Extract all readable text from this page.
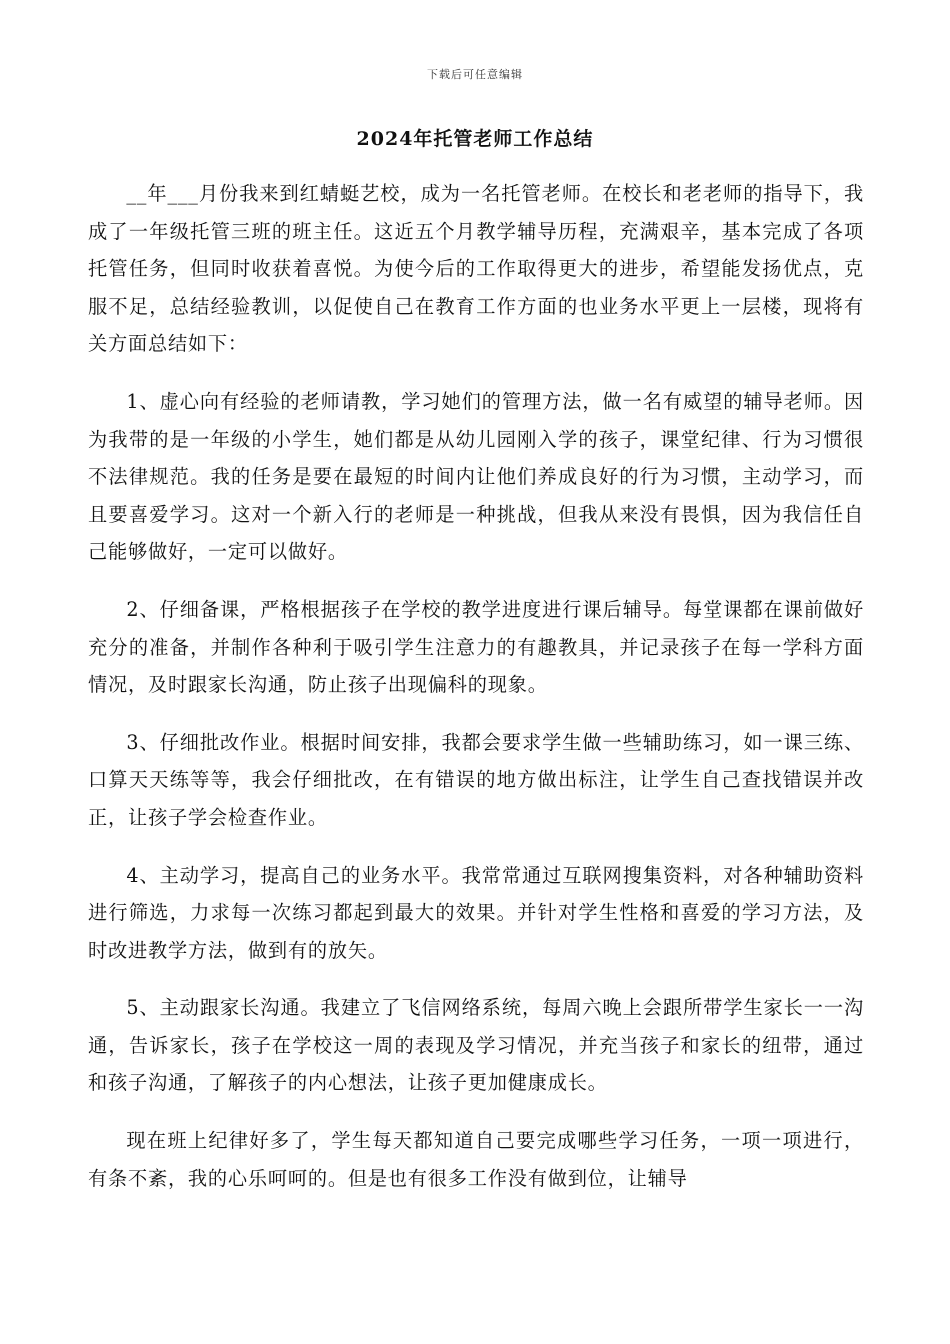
下载后可任意编辑
2024年托管老师工作总结

__年___月份我来到红蜻蜓艺校，成为一名托管老师。在校长和老老师的指导下，我成了一年级托管三班的班主任。这近五个月教学辅导历程，充满艰辛，基本完成了各项托管任务，但同时收获着喜悦。为使今后的工作取得更大的进步，希望能发扬优点，克服不足，总结经验教训，以促使自己在教育工作方面的也业务水平更上一层楼，现将有关方面总结如下：

1、虚心向有经验的老师请教，学习她们的管理方法，做一名有威望的辅导老师。因为我带的是一年级的小学生，她们都是从幼儿园刚入学的孩子，课堂纪律、行为习惯很不法律规范。我的任务是要在最短的时间内让他们养成良好的行为习惯，主动学习，而且要喜爱学习。这对一个新入行的老师是一种挑战，但我从来没有畏惧，因为我信任自己能够做好，一定可以做好。

2、仔细备课，严格根据孩子在学校的教学进度进行课后辅导。每堂课都在课前做好充分的准备，并制作各种利于吸引学生注意力的有趣教具，并记录孩子在每一学科方面情况，及时跟家长沟通，防止孩子出现偏科的现象。

3、仔细批改作业。根据时间安排，我都会要求学生做一些辅助练习，如一课三练、口算天天练等等，我会仔细批改，在有错误的地方做出标注，让学生自己查找错误并改正，让孩子学会检查作业。

4、主动学习，提高自己的业务水平。我常常通过互联网搜集资料，对各种辅助资料进行筛选，力求每一次练习都起到最大的效果。并针对学生性格和喜爱的学习方法，及时改进教学方法，做到有的放矢。

5、主动跟家长沟通。我建立了飞信网络系统，每周六晚上会跟所带学生家长一一沟通，告诉家长，孩子在学校这一周的表现及学习情况，并充当孩子和家长的纽带，通过和孩子沟通，了解孩子的内心想法，让孩子更加健康成长。

现在班上纪律好多了，学生每天都知道自己要完成哪些学习任务，一项一项进行，有条不紊，我的心乐呵呵的。但是也有很多工作没有做到位，让辅导
